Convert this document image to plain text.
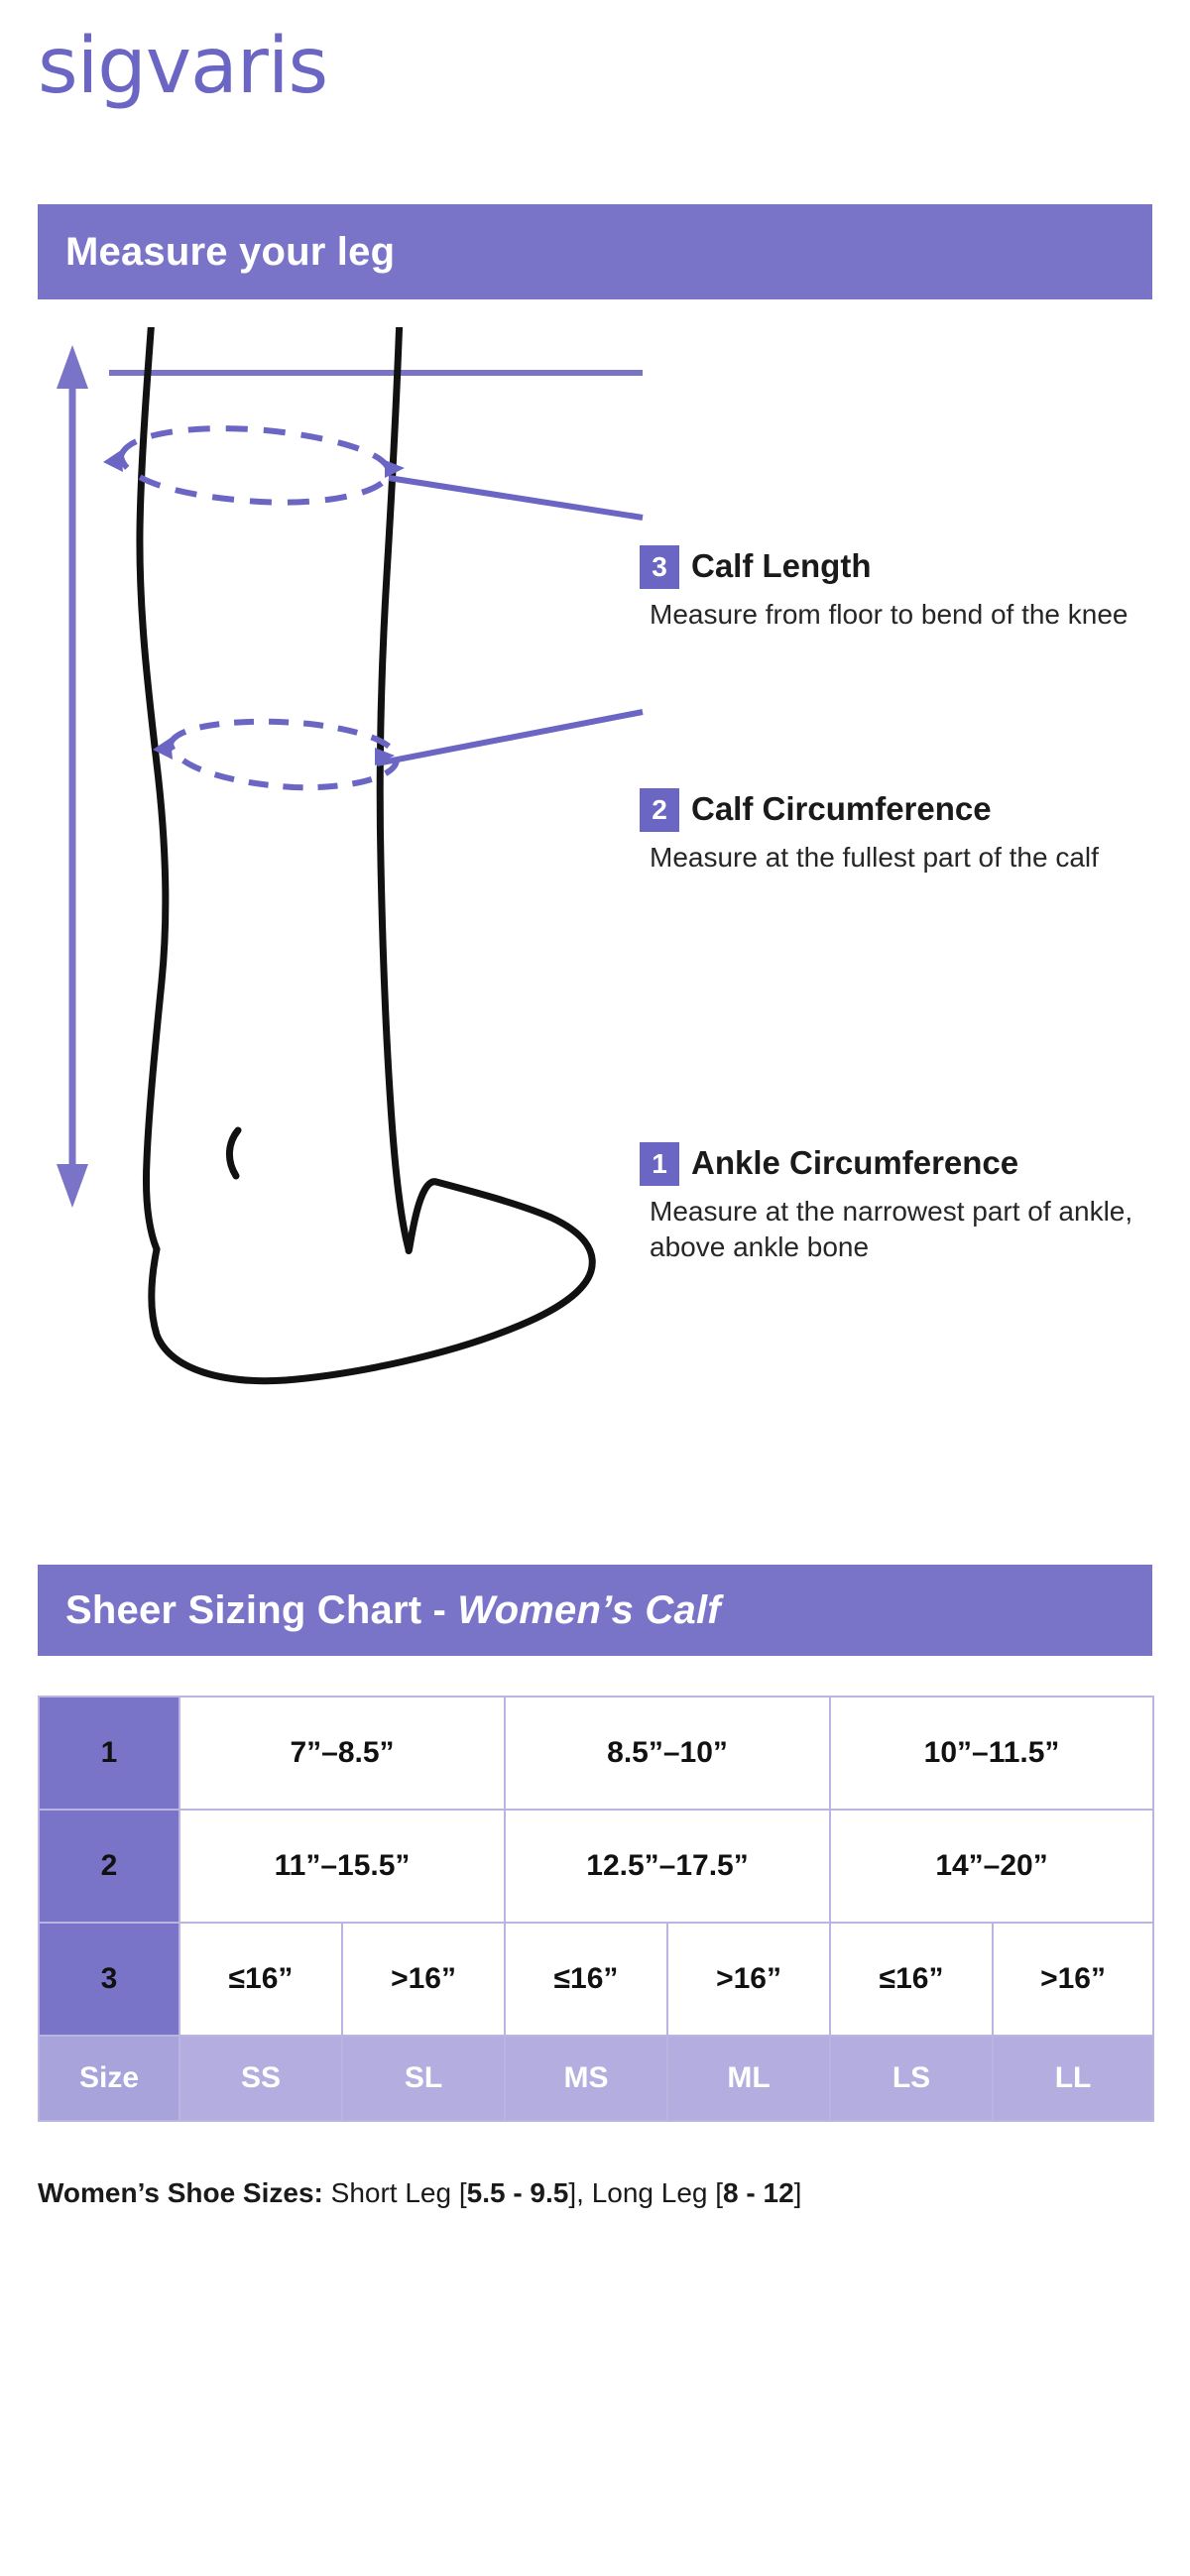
sigvaris
Measure your leg
3 Calf Length
Measure from floor to bend of the knee
2 Calf Circumference
Measure at the fullest part of the calf
1 Ankle Circumference
Measure at the narrowest part of ankle, above ankle bone
Sheer Sizing Chart - Women’s Calf
1	7”–8.5”		8.5”–10”		10”–11.5”	
2	11”–15.5”		12.5”–17.5”		14”–20”	
3	≤16”	>16”	≤16”	>16”	≤16”	>16”
Size	SS	SL	MS	ML	LS	LL
Women’s Shoe Sizes: Short Leg [5.5 - 9.5], Long Leg [8 - 12]
